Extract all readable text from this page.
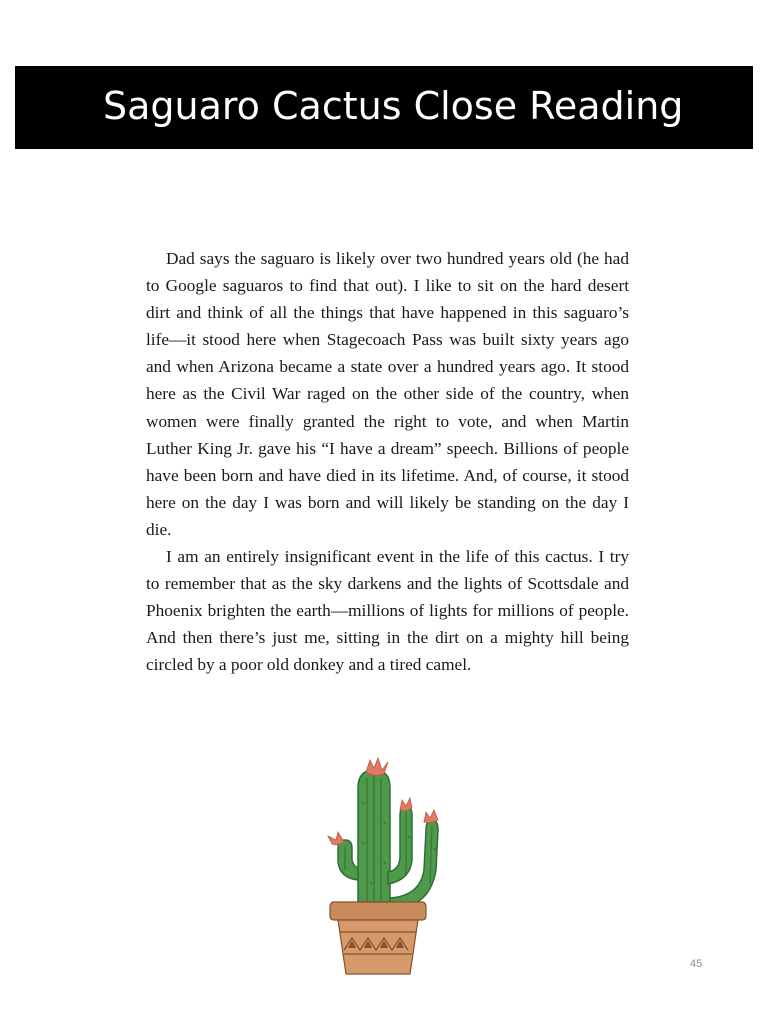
Saguaro Cactus Close Reading

Dad says the saguaro is likely over two hundred years old (he had to Google saguaros to find that out). I like to sit on the hard desert dirt and think of all the things that have happened in this saguaro’s life—it stood here when Stagecoach Pass was built sixty years ago and when Arizona became a state over a hundred years ago. It stood here as the Civil War raged on the other side of the country, when women were finally granted the right to vote, and when Martin Luther King Jr. gave his “I have a dream” speech. Billions of people have been born and have died in its lifetime. And, of course, it stood here on the day I was born and will likely be standing on the day I die.

I am an entirely insignificant event in the life of this cactus. I try to remember that as the sky darkens and the lights of Scottsdale and Phoenix brighten the earth—millions of lights for millions of people. And then there’s just me, sitting in the dirt on a mighty hill being circled by a poor old donkey and a tired camel.

45
